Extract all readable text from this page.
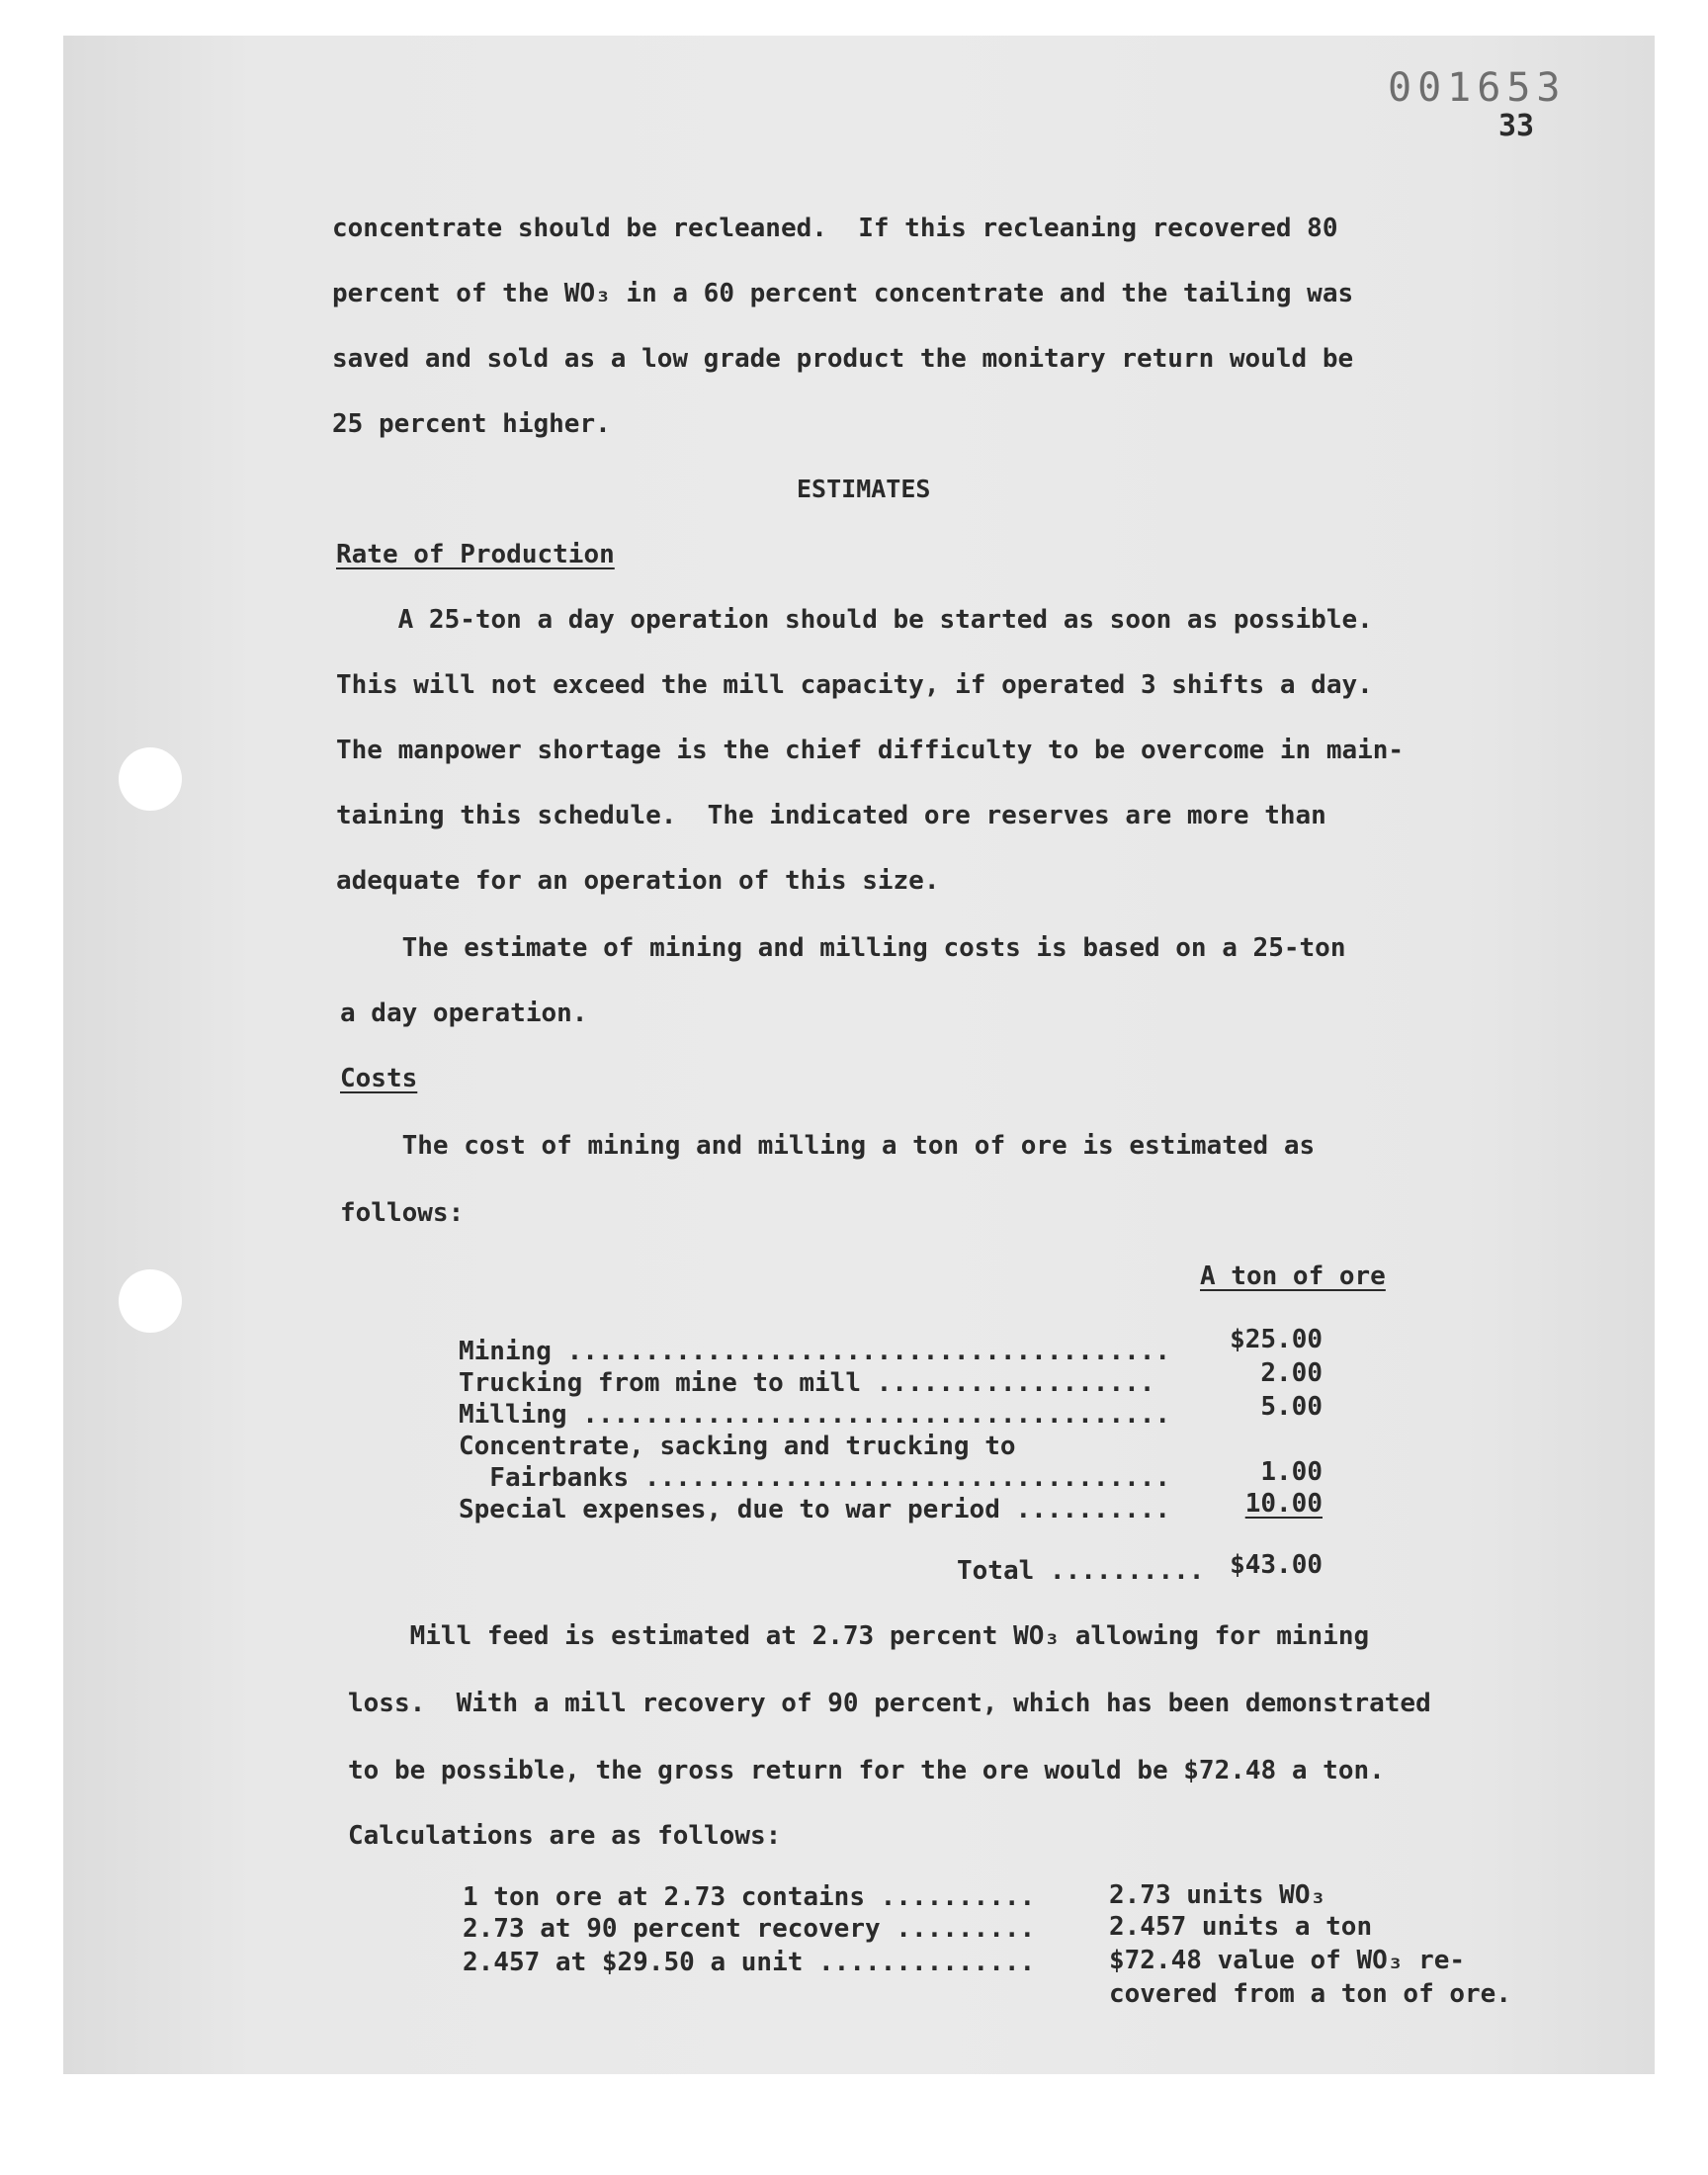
001653
33
concentrate should be recleaned.  If this recleaning recovered 80
percent of the WO₃ in a 60 percent concentrate and the tailing was
saved and sold as a low grade product the monitary return would be
25 percent higher.
ESTIMATES
Rate of Production
A 25-ton a day operation should be started as soon as possible.
This will not exceed the mill capacity, if operated 3 shifts a day.
The manpower shortage is the chief difficulty to be overcome in main-
taining this schedule.  The indicated ore reserves are more than
adequate for an operation of this size.
The estimate of mining and milling costs is based on a 25-ton
a day operation.
Costs
The cost of mining and milling a ton of ore is estimated as
follows:
A ton of ore
Mining .......................................	$25.00
Trucking from mine to mill ..................	2.00
Milling ......................................	5.00
Concentrate, sacking and trucking to
Fairbanks ..................................	1.00
Special expenses, due to war period ..........	10.00
Total .......... $43.00
Mill feed is estimated at 2.73 percent WO₃ allowing for mining
loss.  With a mill recovery of 90 percent, which has been demonstrated
to be possible, the gross return for the ore would be $72.48 a ton.
Calculations are as follows:
1 ton ore at 2.73 contains ..........	2.73 units WO₃
2.73 at 90 percent recovery .........	2.457 units a ton
2.457 at $29.50 a unit ..............	$72.48 value of WO₃ re-
covered from a ton of ore.
